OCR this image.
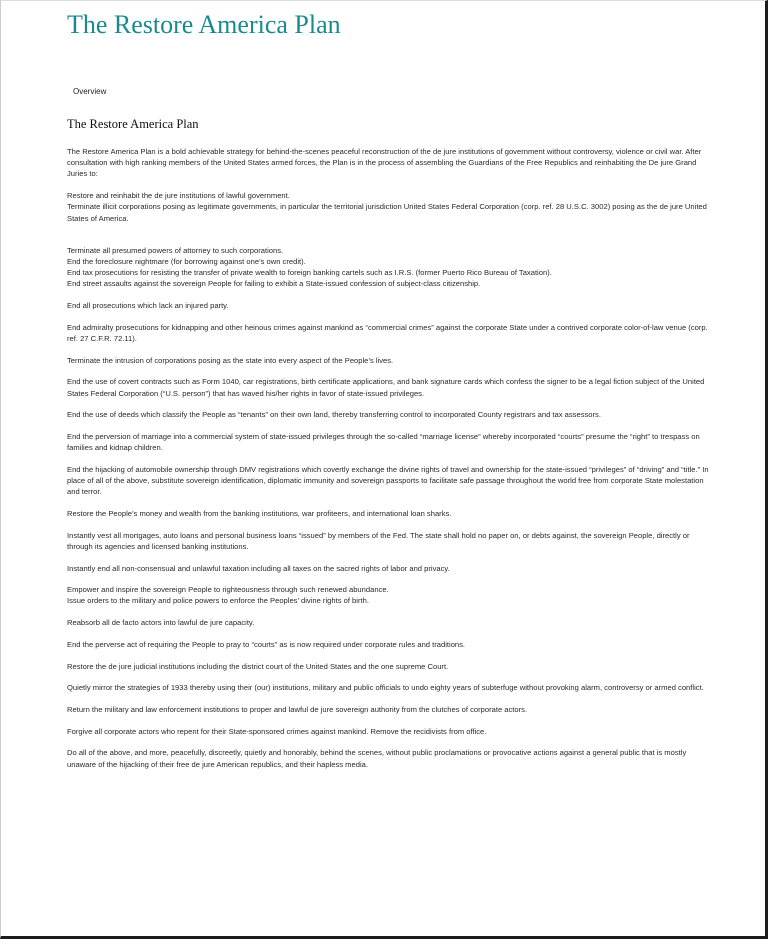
The Restore America Plan
Overview
The Restore America Plan

The Restore America Plan is a bold achievable strategy for behind-the-scenes peaceful reconstruction of the de jure institutions of government without controversy, violence or civil war. After consultation with high ranking members of the United States armed forces, the Plan is in the process of assembling the Guardians of the Free Republics and reinhabiting the De jure Grand Juries to:

Restore and reinhabit the de jure institutions of lawful government.

Terminate illicit corporations posing as legitimate governments, in particular the territorial jurisdiction United States Federal Corporation (corp. ref. 28 U.S.C. 3002) posing as the de jure United States of America.

Terminate all presumed powers of attorney to such corporations.

End the foreclosure nightmare (for borrowing against one’s own credit).

End tax prosecutions for resisting the transfer of private wealth to foreign banking cartels such as I.R.S. (former Puerto Rico Bureau of Taxation).

End street assaults against the sovereign People for failing to exhibit a State-issued confession of subject-class citizenship.

End all prosecutions which lack an injured party.

End admiralty prosecutions for kidnapping and other heinous crimes against mankind as “commercial crimes” against the corporate State under a contrived corporate color-of-law venue (corp. ref. 27 C.F.R. 72.11).

Terminate the intrusion of corporations posing as the state into every aspect of the People’s lives.

End the use of covert contracts such as Form 1040, car registrations, birth certificate applications, and bank signature cards which confess the signer to be a legal fiction subject of the United States Federal Corporation (“U.S. person”) that has waved his/her rights in favor of state-issued privileges.

End the use of deeds which classify the People as “tenants” on their own land, thereby transferring control to incorporated County registrars and tax assessors.

End the perversion of marriage into a commercial system of state-issued privileges through the so-called “marriage license” whereby incorporated “courts” presume the “right” to trespass on families and kidnap children.

End the hijacking of automobile ownership through DMV registrations which covertly exchange the divine rights of travel and ownership for the state-issued “privileges” of “driving” and “title.” In place of all of the above, substitute sovereign identification, diplomatic immunity and sovereign passports to facilitate safe passage throughout the world free from corporate State molestation and terror.

Restore the People’s money and wealth from the banking institutions, war profiteers, and international loan sharks.

Instantly vest all mortgages, auto loans and personal business loans “issued” by members of the Fed. The state shall hold no paper on, or debts against, the sovereign People, directly or through its agencies and licensed banking institutions.

Instantly end all non-consensual and unlawful taxation including all taxes on the sacred rights of labor and privacy.

Empower and inspire the sovereign People to righteousness through such renewed abundance.

Issue orders to the military and police powers to enforce the Peoples’ divine rights of birth.

Reabsorb all de facto actors into lawful de jure capacity.

End the perverse act of requiring the People to pray to “courts” as is now required under corporate rules and traditions.

Restore the de jure judicial institutions including the district court of the United States and the one supreme Court.

Quietly mirror the strategies of 1933 thereby using their (our) institutions, military and public officials to undo eighty years of subterfuge without provoking alarm, controversy or armed conflict.

Return the military and law enforcement institutions to proper and lawful de jure sovereign authority from the clutches of corporate actors.

Forgive all corporate actors who repent for their State-sponsored crimes against mankind. Remove the recidivists from office.

Do all of the above, and more, peacefully, discreetly, quietly and honorably, behind the scenes, without public proclamations or provocative actions against a general public that is mostly unaware of the hijacking of their free de jure American republics, and their hapless media.
